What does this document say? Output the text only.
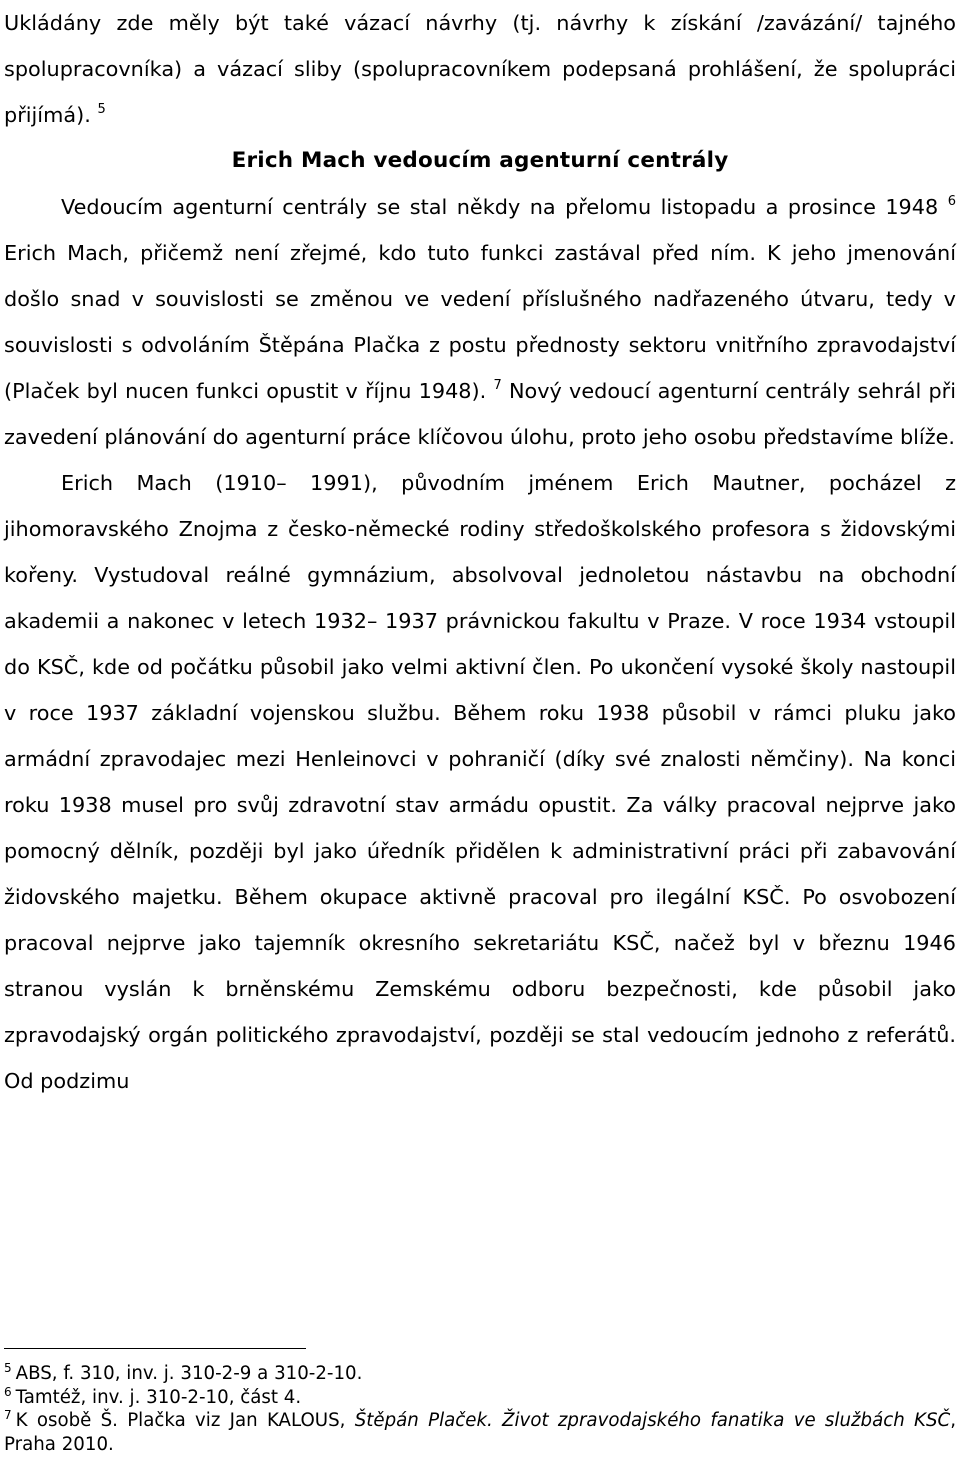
Ukládány zde měly být také vázací návrhy (tj. návrhy k získání /zavázání/ tajného spolupracovníka) a vázací sliby (spolupracovníkem podepsaná prohlášení, že spolupráci přijímá). $^5$

Erich Mach vedoucím agenturní centrály

Vedoucím agenturní centrály se stal někdy na přelomu listopadu a prosince 1948 $^6$ Erich Mach, přičemž není zřejmé, kdo tuto funkci zastával před ním. K jeho jmenování došlo snad v souvislosti se změnou ve vedení příslušného nadřazeného útvaru, tedy v souvislosti s odvoláním Štěpána Plačka z postu přednosty sektoru vnitřního zpravodajství (Plaček byl nucen funkci opustit v říjnu 1948). $^7$ Nový vedoucí agenturní centrály sehrál při zavedení plánování do agenturní práce klíčovou úlohu, proto jeho osobu představíme blíže.

Erich Mach (1910– 1991), původním jménem Erich Mautner, pocházel z jihomoravského Znojma z česko-německé rodiny středoškolského profesora s židovskými kořeny. Vystudoval reálné gymnázium, absolvoval jednoletou nástavbu na obchodní akademii a nakonec v letech 1932– 1937 právnickou fakultu v Praze. V roce 1934 vstoupil do KSČ, kde od počátku působil jako velmi aktivní člen. Po ukončení vysoké školy nastoupil v roce 1937 základní vojenskou službu. Během roku 1938 působil v rámci pluku jako armádní zpravodajec mezi Henleinovci v pohraničí (díky své znalosti němčiny). Na konci roku 1938 musel pro svůj zdravotní stav armádu opustit. Za války pracoval nejprve jako pomocný dělník, později byl jako úředník přidělen k administrativní práci při zabavování židovského majetku. Během okupace aktivně pracoval pro ilegální KSČ. Po osvobození pracoval nejprve jako tajemník okresního sekretariátu KSČ, načež byl v březnu 1946 stranou vyslán k brněnskému Zemskému odboru bezpečnosti, kde působil jako zpravodajský orgán politického zpravodajství, později se stal vedoucím jednoho z referátů. Od podzimu

$^5$ ABS, f. 310, inv. j. 310-2-9 a 310-2-10.

$^6$ Tamtéž, inv. j. 310-2-10, část 4.

$^7$ K osobě Š. Plačka viz Jan KALOUS, Štěpán Plaček. Život zpravodajského fanatika ve službách KSČ, Praha 2010.
